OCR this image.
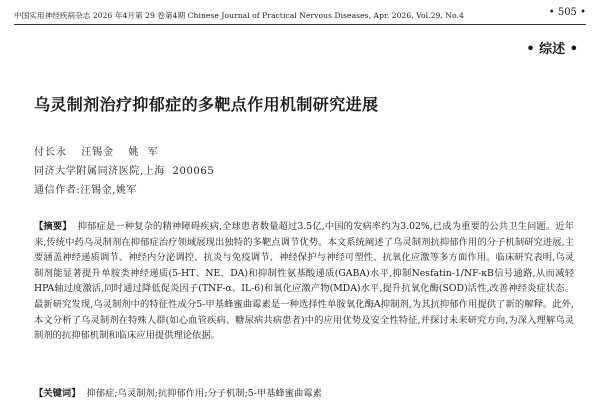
中国实用神经疾病杂志 2026 年4月第 29 卷第4期 Chinese Journal of Practical Nervous Diseases, Apr. 2026, Vol.29, No.4	• 505 •
• 综述 •
乌灵制剂治疗抑郁症的多靶点作用机制研究进展
付长永 汪锡金 姚  军
同济大学附属同济医院,上海  200065
通信作者:汪锡金,姚军

【摘要】 抑郁症是一种复杂的精神障碍疾病,全球患者数量超过3.5亿,中国的发病率约为3.02%,已成为重要的公共卫生问题。近年来,传统中药乌灵制剂在抑郁症治疗领域展现出独特的多靶点调节优势。本文系统阐述了乌灵制剂抗抑郁作用的分子机制研究进展,主要涵盖神经递质调节、神经内分泌调控、抗炎与免疫调节、神经保护与神经可塑性、抗氧化应激等多方面作用。临床研究表明,乌灵制剂能显著提升单胺类神经递质(5-HT、NE、DA)和抑制性氨基酸递质(GABA)水平,抑制Nesfatin-1/NF-κB信号通路,从而减轻HPA轴过度激活,同时通过降低促炎因子(TNF-α、IL-6)和氧化应激产物(MDA)水平,提升抗氧化酶(SOD)活性,改善神经炎症状态。最新研究发现,乌灵制剂中的特征性成分5-甲基蜂蜜曲霉素是一种选择性单胺氧化酶A抑制剂,为其抗抑郁作用提供了新的解释。此外,本文分析了乌灵制剂在特殊人群(如心血管疾病、糖尿病共病患者)中的应用优势及安全性特征,并探讨未来研究方向,为深入理解乌灵制剂的抗抑郁机制和临床应用提供理论依据。

【关键词】 抑郁症;乌灵制剂;抗抑郁作用;分子机制;5-甲基蜂蜜曲霉素
